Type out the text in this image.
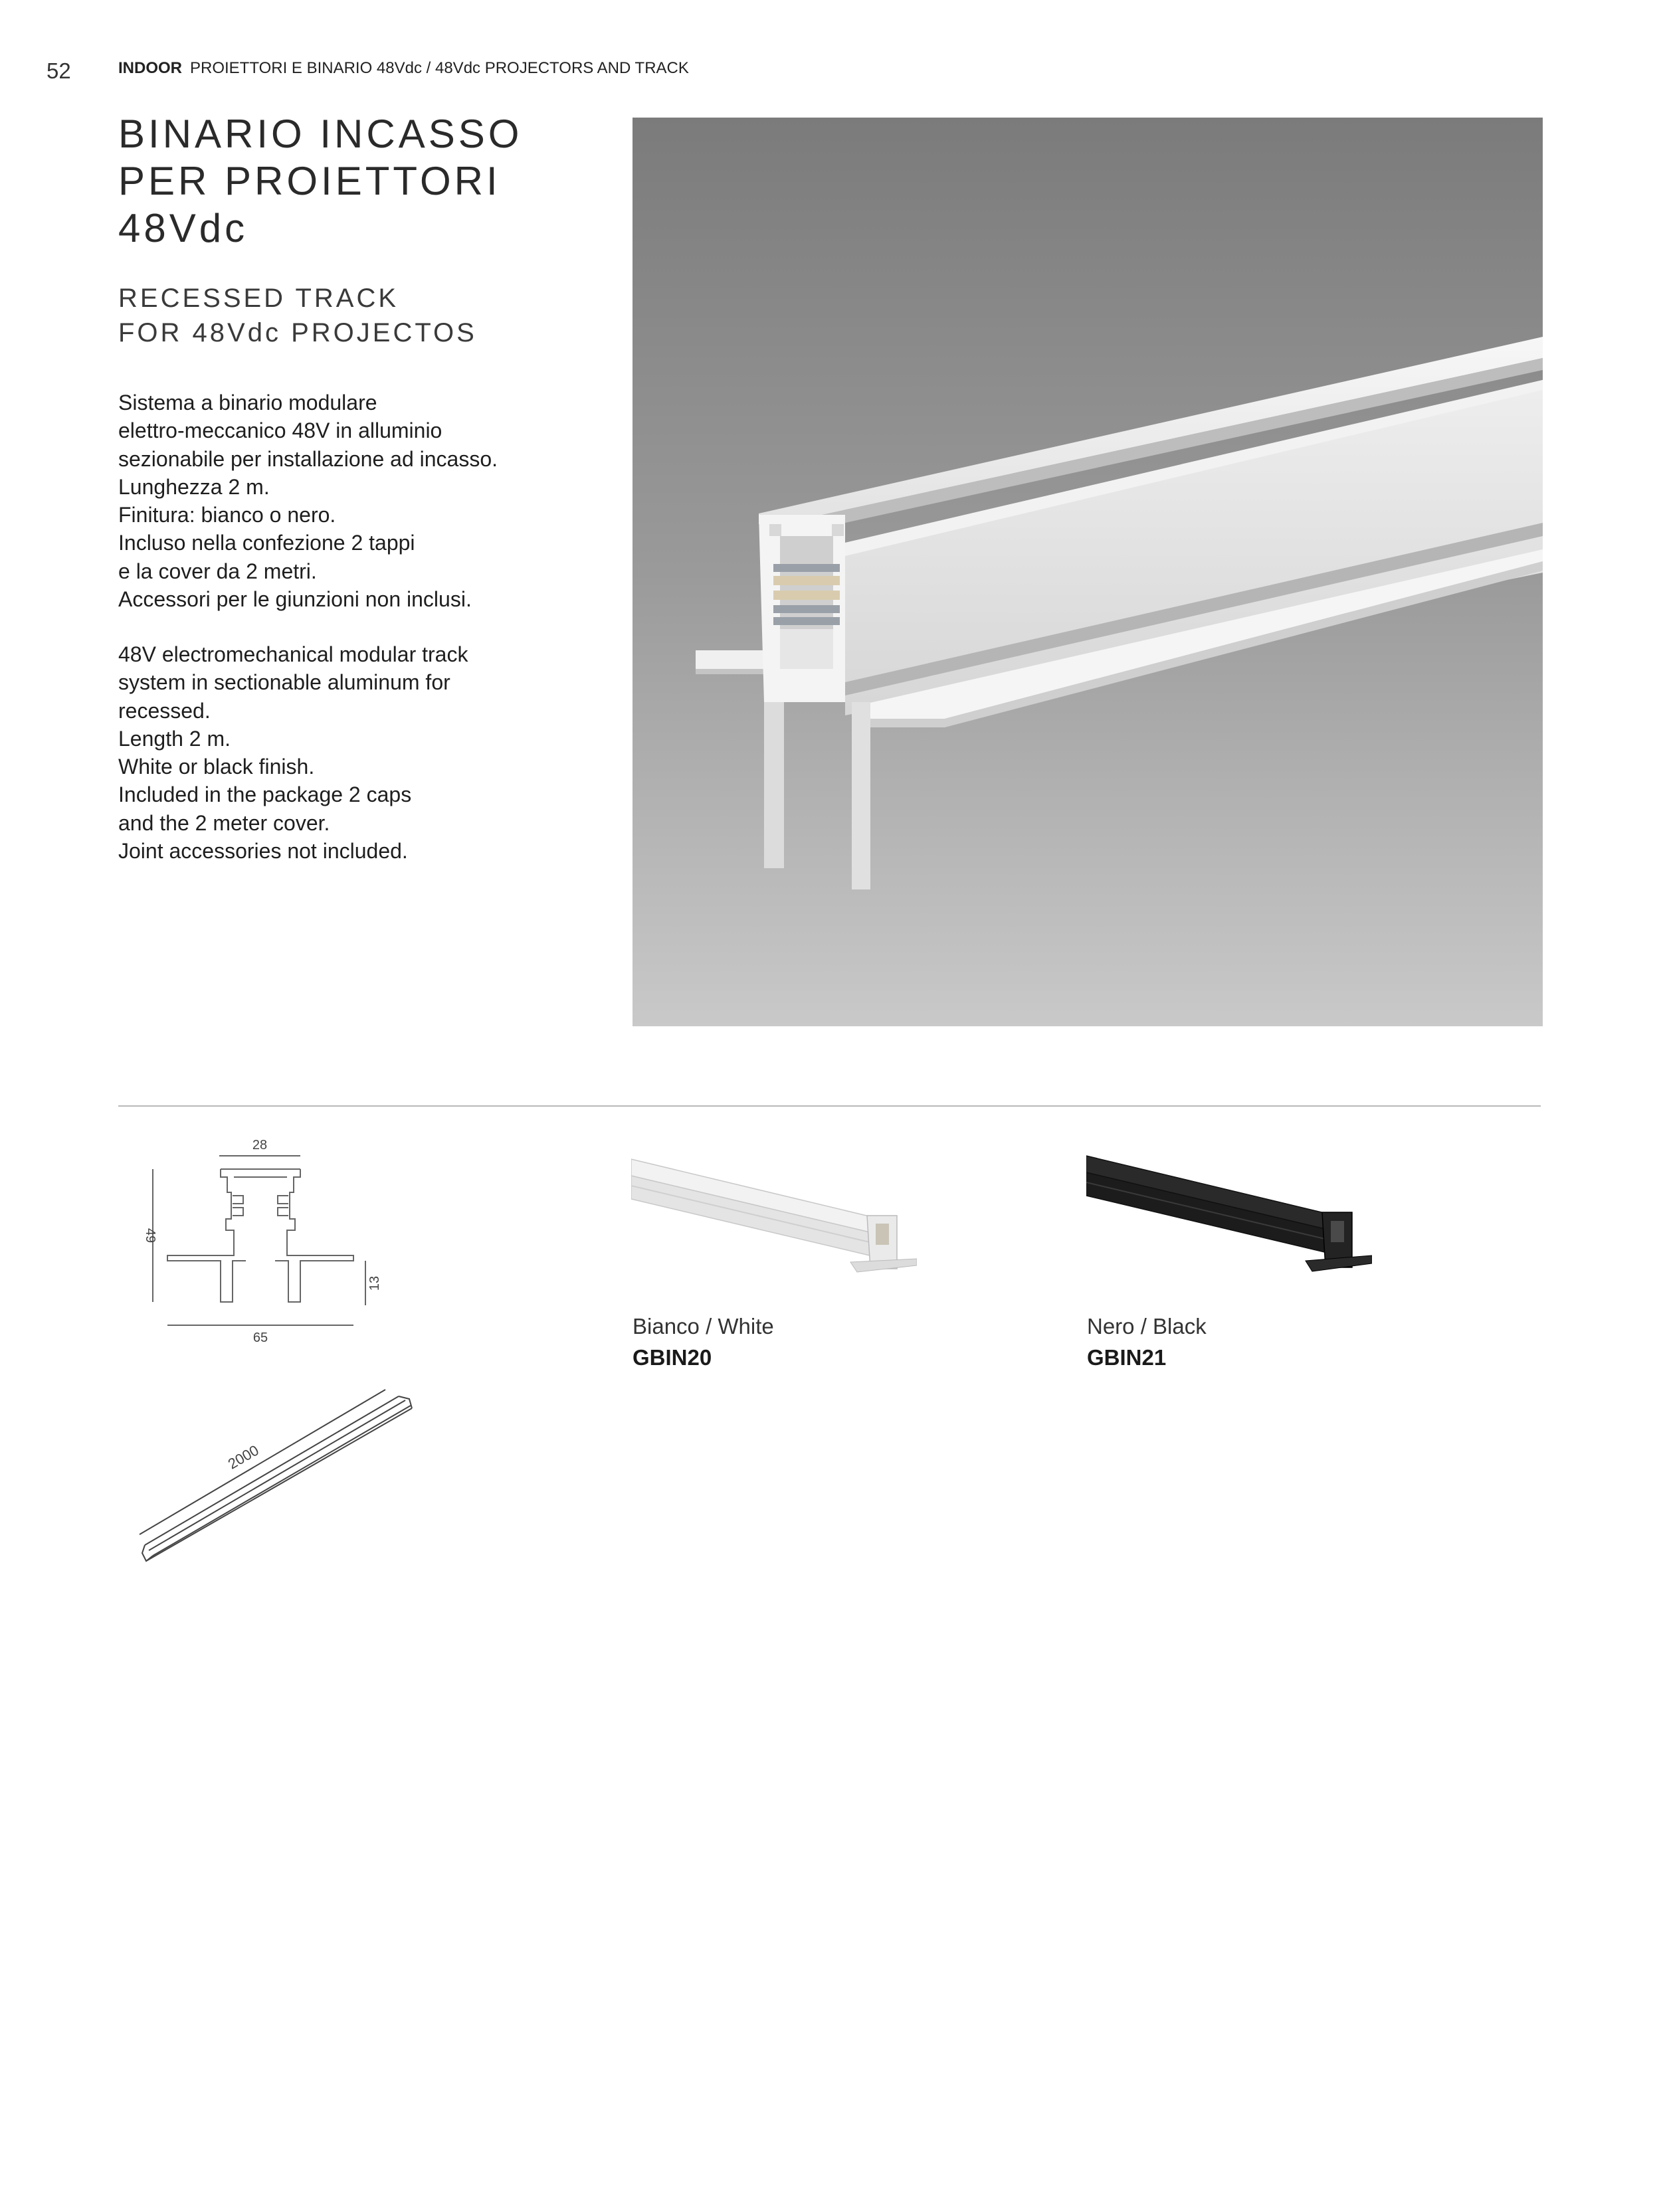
52	INDOOR PROIETTORI E BINARIO 48Vdc / 48Vdc PROJECTORS AND TRACK
BINARIO INCASSO
PER PROIETTORI
48Vdc
RECESSED TRACK
FOR 48Vdc PROJECTOS
Sistema a binario modulare
elettro-meccanico 48V in alluminio
sezionabile per installazione ad incasso.
Lunghezza 2 m.
Finitura: bianco o nero.
Incluso nella confezione 2 tappi
e la cover da 2 metri.
Accessori per le giunzioni non inclusi.
48V electromechanical modular track
system in sectionable aluminum for
recessed.
Length 2 m.
White or black finish.
Included in the package 2 caps
and the 2 meter cover.
Joint accessories not included.
28
49
13
65
2000
Bianco / White
GBIN20
Nero / Black
GBIN21
